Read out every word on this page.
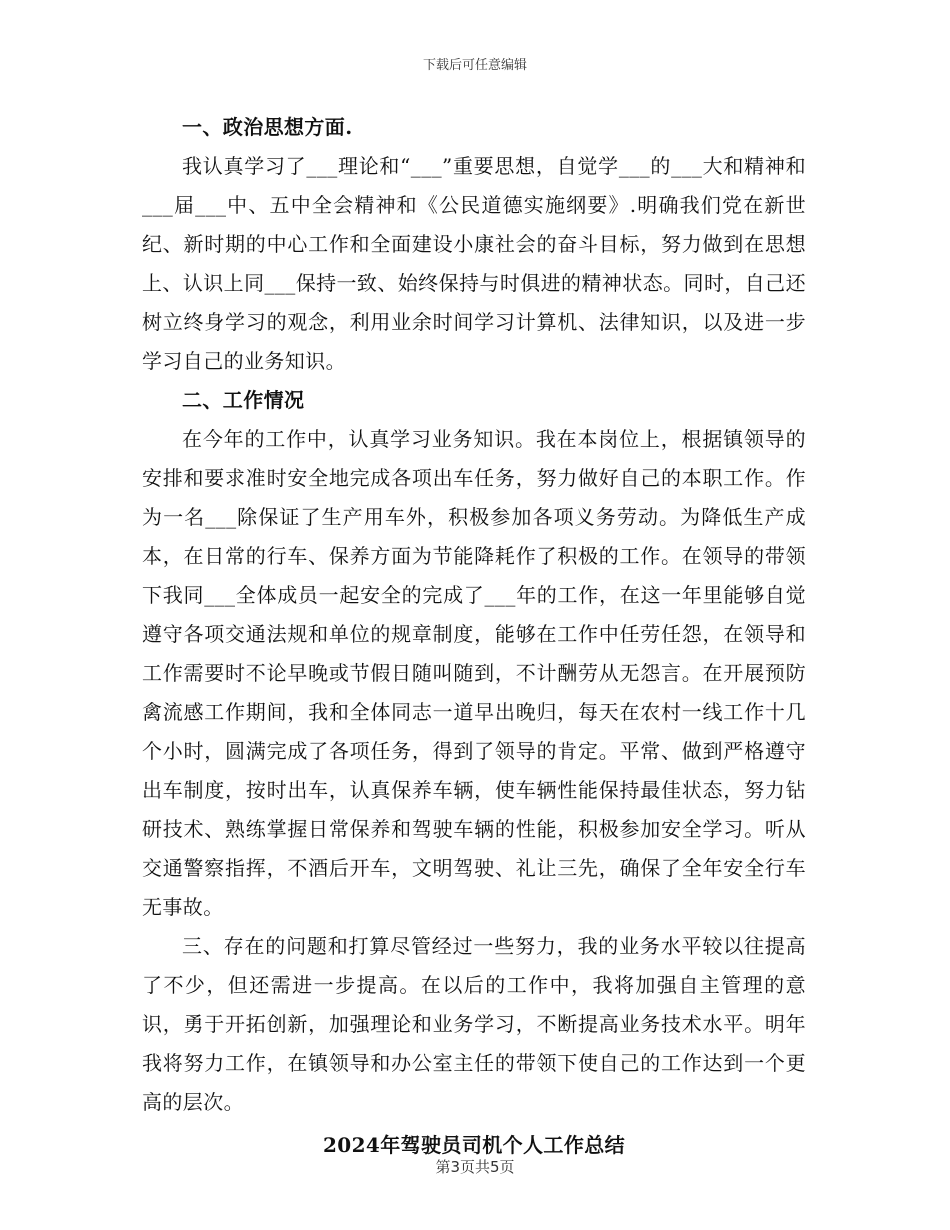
下载后可任意编辑
一、政治思想方面.

我认真学习了___理论和“___”重要思想，自觉学___的___大和精神和___届___中、五中全会精神和《公民道德实施纲要》.明确我们党在新世纪、新时期的中心工作和全面建设小康社会的奋斗目标，努力做到在思想上、认识上同___保持一致、始终保持与时俱进的精神状态。同时，自己还树立终身学习的观念，利用业余时间学习计算机、法律知识，以及进一步学习自己的业务知识。

二、工作情况

在今年的工作中，认真学习业务知识。我在本岗位上，根据镇领导的安排和要求准时安全地完成各项出车任务，努力做好自己的本职工作。作为一名___除保证了生产用车外，积极参加各项义务劳动。为降低生产成本，在日常的行车、保养方面为节能降耗作了积极的工作。在领导的带领下我同___全体成员一起安全的完成了___年的工作，在这一年里能够自觉遵守各项交通法规和单位的规章制度，能够在工作中任劳任怨，在领导和工作需要时不论早晚或节假日随叫随到，不计酬劳从无怨言。在开展预防禽流感工作期间，我和全体同志一道早出晚归，每天在农村一线工作十几个小时，圆满完成了各项任务，得到了领导的肯定。平常、做到严格遵守出车制度，按时出车，认真保养车辆，使车辆性能保持最佳状态，努力钻研技术、熟练掌握日常保养和驾驶车辆的性能，积极参加安全学习。听从交通警察指挥，不酒后开车，文明驾驶、礼让三先，确保了全年安全行车无事故。

三、存在的问题和打算尽管经过一些努力，我的业务水平较以往提高了不少，但还需进一步提高。在以后的工作中，我将加强自主管理的意识，勇于开拓创新，加强理论和业务学习，不断提高业务技术水平。明年我将努力工作，在镇领导和办公室主任的带领下使自己的工作达到一个更高的层次。

2024年驾驶员司机个人工作总结
第3页共5页
